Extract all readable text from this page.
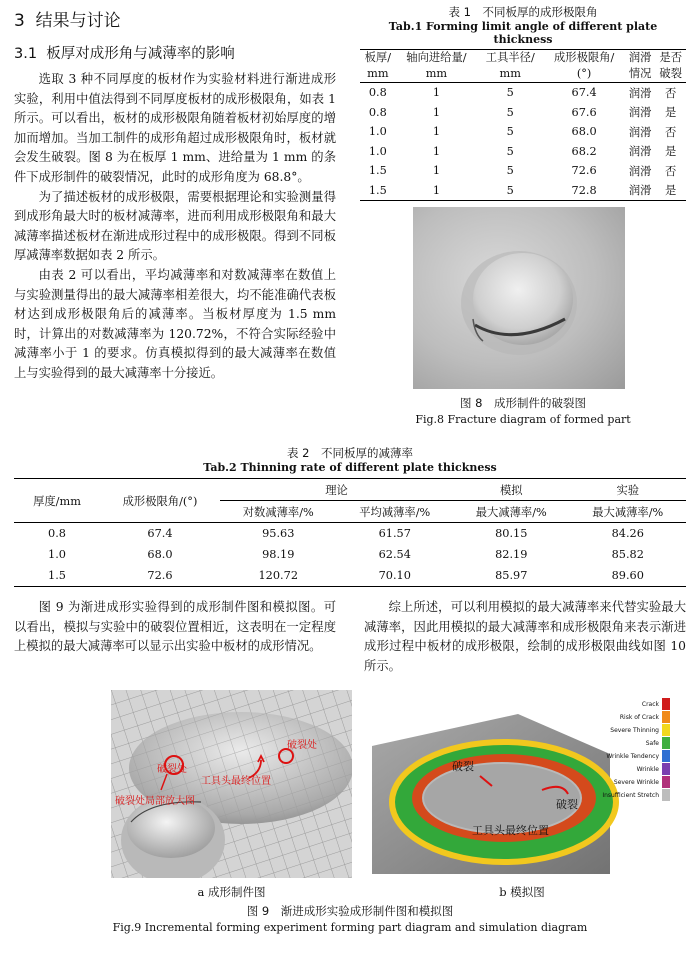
3 结果与讨论
3.1 板厚对成形角与减薄率的影响

选取 3 种不同厚度的板材作为实验材料进行渐进成形实验，利用中值法得到不同厚度板材的成形极限角，如表 1 所示。可以看出，板材的成形极限角随着板材初始厚度的增加而增加。当加工制件的成形角超过成形极限角时，板材就会发生破裂。图 8 为在板厚 1 mm、进给量为 1 mm 的条件下成形制件的破裂情况，此时的成形角度为 68.8°。

为了描述板材的成形极限，需要根据理论和实验测量得到成形角最大时的板材减薄率，进而利用成形极限角和最大减薄率描述板材在渐进成形过程中的成形极限。得到不同板厚减薄率数据如表 2 所示。

由表 2 可以看出，平均减薄率和对数减薄率在数值上与实验测量得出的最大减薄率相差很大，均不能准确代表板材达到成形极限角后的减薄率。当板材厚度为 1.5 mm 时，计算出的对数减薄率为 120.72%，不符合实际经验中减薄率小于 1 的要求。仿真模拟得到的最大减薄率在数值上与实验得到的最大减薄率十分接近。

表 1　不同板厚的成形极限角
Tab.1 Forming limit angle of different plate thickness
板厚/	轴向进给量/	工具半径/	成形极限角/	润滑	是否
mm	mm	mm	(°)	情况	破裂
0.8	1	5	67.4	润滑	否
0.8	1	5	67.6	润滑	是
1.0	1	5	68.0	润滑	否
1.0	1	5	68.2	润滑	是
1.5	1	5	72.6	润滑	否
1.5	1	5	72.8	润滑	是
图 8　成形制件的破裂图
Fig.8 Fracture diagram of formed part
表 2　不同板厚的减薄率
Tab.2 Thinning rate of different plate thickness
厚度/mm	成形极限角/(°)	理论		模拟	实验
		对数减薄率/%	平均减薄率/%	最大减薄率/%	最大减薄率/%
0.8	67.4	95.63	61.57	80.15	84.26
1.0	68.0	98.19	62.54	82.19	85.82
1.5	72.6	120.72	70.10	85.97	89.60

图 9 为渐进成形实验得到的成形制件图和模拟图。可以看出，模拟与实验中的破裂位置相近，这表明在一定程度上模拟的最大减薄率可以显示出实验中板材的成形情况。

综上所述，可以利用模拟的最大减薄率来代替实验最大减薄率，因此用模拟的最大减薄率和成形极限角来表示渐进成形过程中板材的成形极限，绘制的成形极限曲线如图 10 所示。

破裂处
工具头最终位置
破裂处局部放大图
破裂处
破裂
破裂
工具头最终位置
Crack
Risk of Crack
Severe Thinning
Safe
Wrinkle Tendency
Wrinkle
Severe Wrinkle
Insufficient Stretch
a 成形制件图	b 模拟图
图 9　渐进成形实验成形制件图和模拟图
Fig.9 Incremental forming experiment forming part diagram and simulation diagram
